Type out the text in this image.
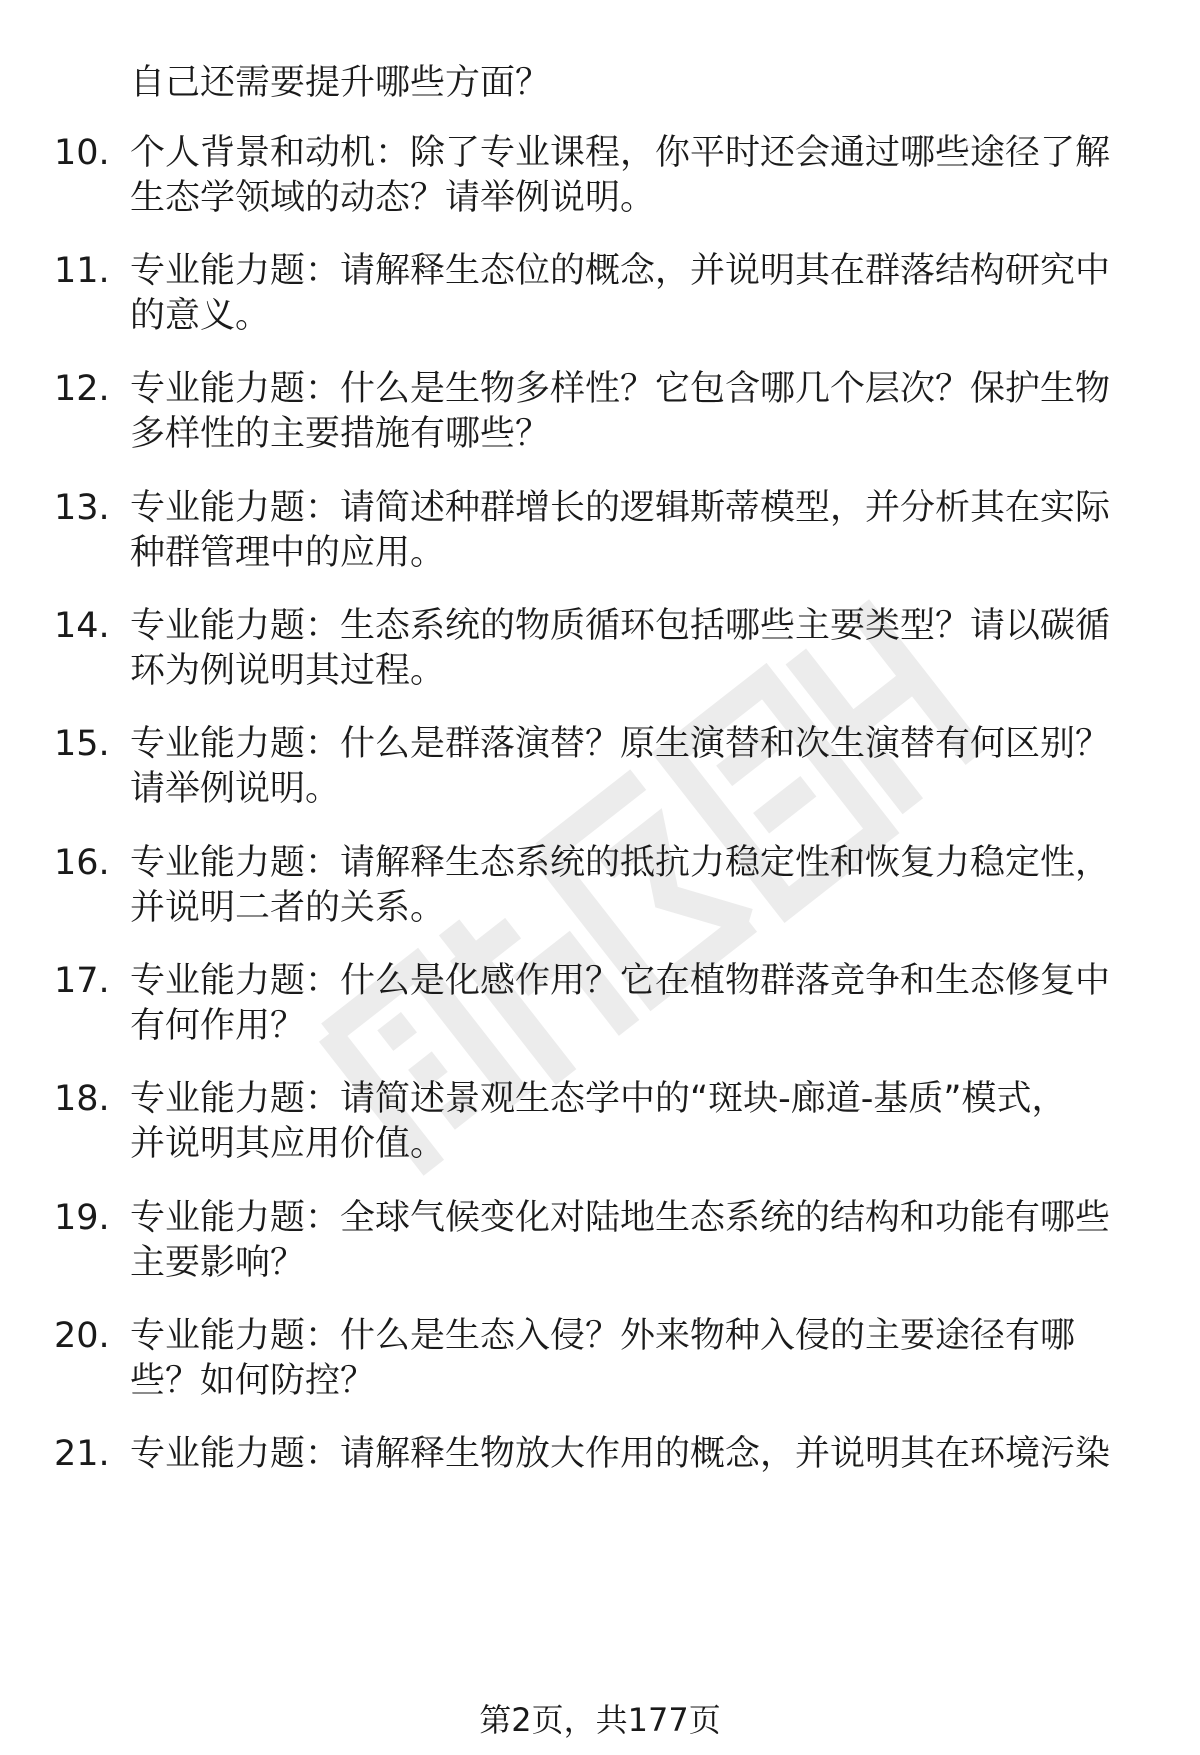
自己还需要提升哪些方面？
10. 个人背景和动机：除了专业课程，你平时还会通过哪些途径了解
生态学领域的动态？请举例说明。
11. 专业能力题：请解释生态位的概念，并说明其在群落结构研究中
的意义。
12. 专业能力题：什么是生物多样性？它包含哪几个层次？保护生物
多样性的主要措施有哪些？
13. 专业能力题：请简述种群增长的逻辑斯蒂模型，并分析其在实际
种群管理中的应用。
14. 专业能力题：生态系统的物质循环包括哪些主要类型？请以碳循
环为例说明其过程。
15. 专业能力题：什么是群落演替？原生演替和次生演替有何区别？
请举例说明。
16. 专业能力题：请解释生态系统的抵抗力稳定性和恢复力稳定性，
并说明二者的关系。
17. 专业能力题：什么是化感作用？它在植物群落竞争和生态修复中
有何作用？
18. 专业能力题：请简述景观生态学中的“斑块-廊道-基质”模式，
并说明其应用价值。
19. 专业能力题：全球气候变化对陆地生态系统的结构和功能有哪些
主要影响？
20. 专业能力题：什么是生态入侵？外来物种入侵的主要途径有哪
些？如何防控？
21. 专业能力题：请解释生物放大作用的概念，并说明其在环境污染
第2页，共177页
